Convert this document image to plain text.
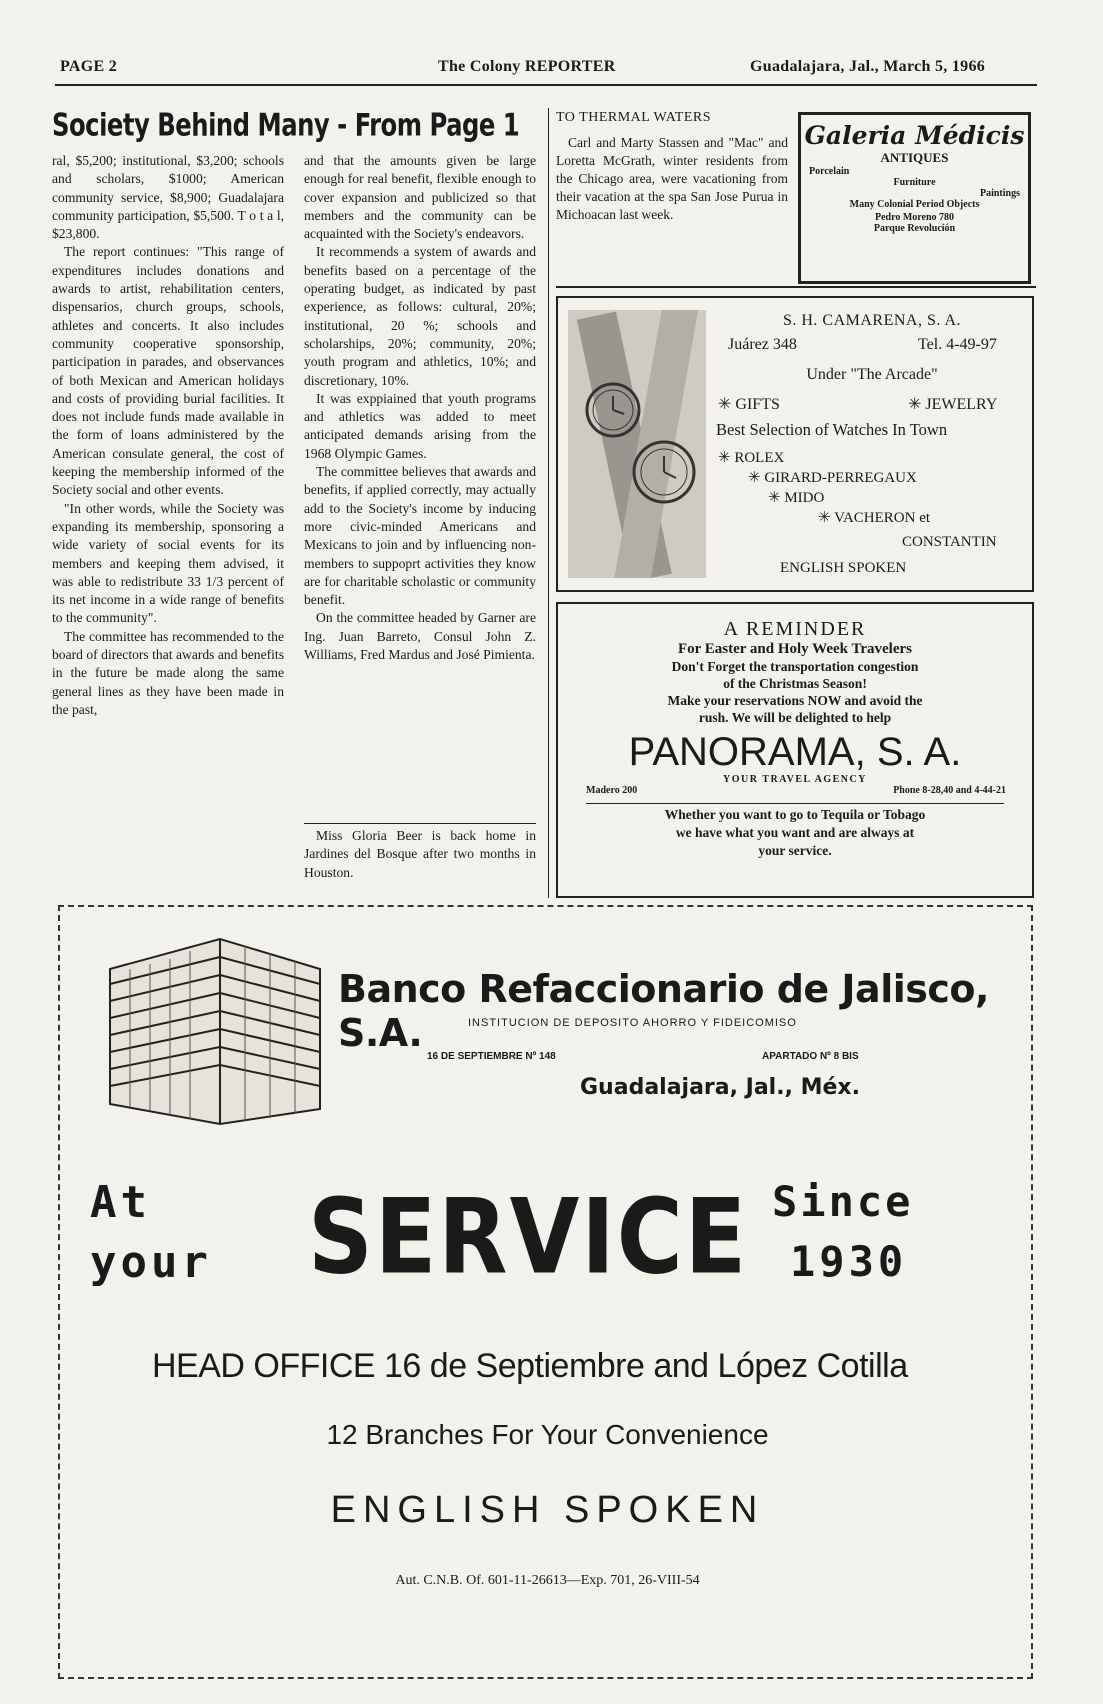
PAGE 2	The Colony REPORTER	Guadalajara, Jal., March 5, 1966
Society Behind Many - From Page 1

ral, $5,200; institutional, $3,200; schools and scholars, $1000; American community service, $8,900; Guadalajara community participation, $5,500. T o t a l, $23,800.

The report continues: "This range of expenditures includes donations and awards to artist, rehabilitation centers, dispensarios, church groups, schools, athletes and concerts. It also includes community cooperative sponsorship, participation in parades, and observances of both Mexican and American holidays and costs of providing burial facilities. It does not include funds made available in the form of loans administered by the American consulate general, the cost of keeping the membership informed of the Society social and other events.

"In other words, while the Society was expanding its membership, sponsoring a wide variety of social events for its members and keeping them advised, it was able to redistribute 33 1/3 percent of its net income in a wide range of benefits to the community".

The committee has recommended to the board of directors that awards and benefits in the future be made along the same general lines as they have been made in the past,

and that the amounts given be large enough for real benefit, flexible enough to cover expansion and publicized so that members and the community can be acquainted with the Society's endeavors.

It recommends a system of awards and benefits based on a percentage of the operating budget, as indicated by past experience, as follows: cultural, 20%; institutional, 20 %; schools and scholarships, 20%; community, 20%; youth program and athletics, 10%; and discretionary, 10%.

It was exppiained that youth programs and athletics was added to meet anticipated demands arising from the 1968 Olympic Games.

The committee believes that awards and benefits, if applied correctly, may actually add to the Society's income by inducing more civic-minded Americans and Mexicans to join and by influencing non-members to suppoprt activities they know are for charitable scholastic or community benefit.

On the committee headed by Garner are Ing. Juan Barreto, Consul John Z. Williams, Fred Mardus and José Pimienta.

Miss Gloria Beer is back home in Jardines del Bosque after two months in Houston.

TO THERMAL WATERS

Carl and Marty Stassen and "Mac" and Loretta McGrath, winter residents from the Chicago area, were vacationing from their vacation at the spa San Jose Purua in Michoacan last week.

Galeria Médicis
ANTIQUES
Porcelain
Furniture
Paintings
Many Colonial Period Objects
Pedro Moreno 780
Parque Revolución
S. H. CAMARENA, S. A.
Juárez 348	Tel. 4-49-97
Under "The Arcade"
✳ GIFTS	✳ JEWELRY
Best Selection of Watches In Town
✳ ROLEX
✳ GIRARD-PERREGAUX
✳ MIDO
✳ VACHERON et
CONSTANTIN
ENGLISH SPOKEN
A REMINDER
For Easter and Holy Week Travelers
Don't Forget the transportation congestion
of the Christmas Season!
Make your reservations NOW and avoid the
rush. We will be delighted to help
PANORAMA, S. A.
YOUR TRAVEL AGENCY
Madero 200	Phone 8-28,40 and 4-44-21
Whether you want to go to Tequila or Tobago
we have what you want and are always at
your service.
Banco Refaccionario de Jalisco, S.A.	INSTITUCION DE DEPOSITO AHORRO Y FIDEICOMISO
16 DE SEPTIEMBRE Nº 148	APARTADO Nº 8 BIS
Guadalajara, Jal., Méx.
At
your SERVICE Since
1930
HEAD OFFICE 16 de Septiembre and López Cotilla
12 Branches For Your Convenience
ENGLISH SPOKEN
Aut. C.N.B. Of. 601-11-26613—Exp. 701, 26-VIII-54
